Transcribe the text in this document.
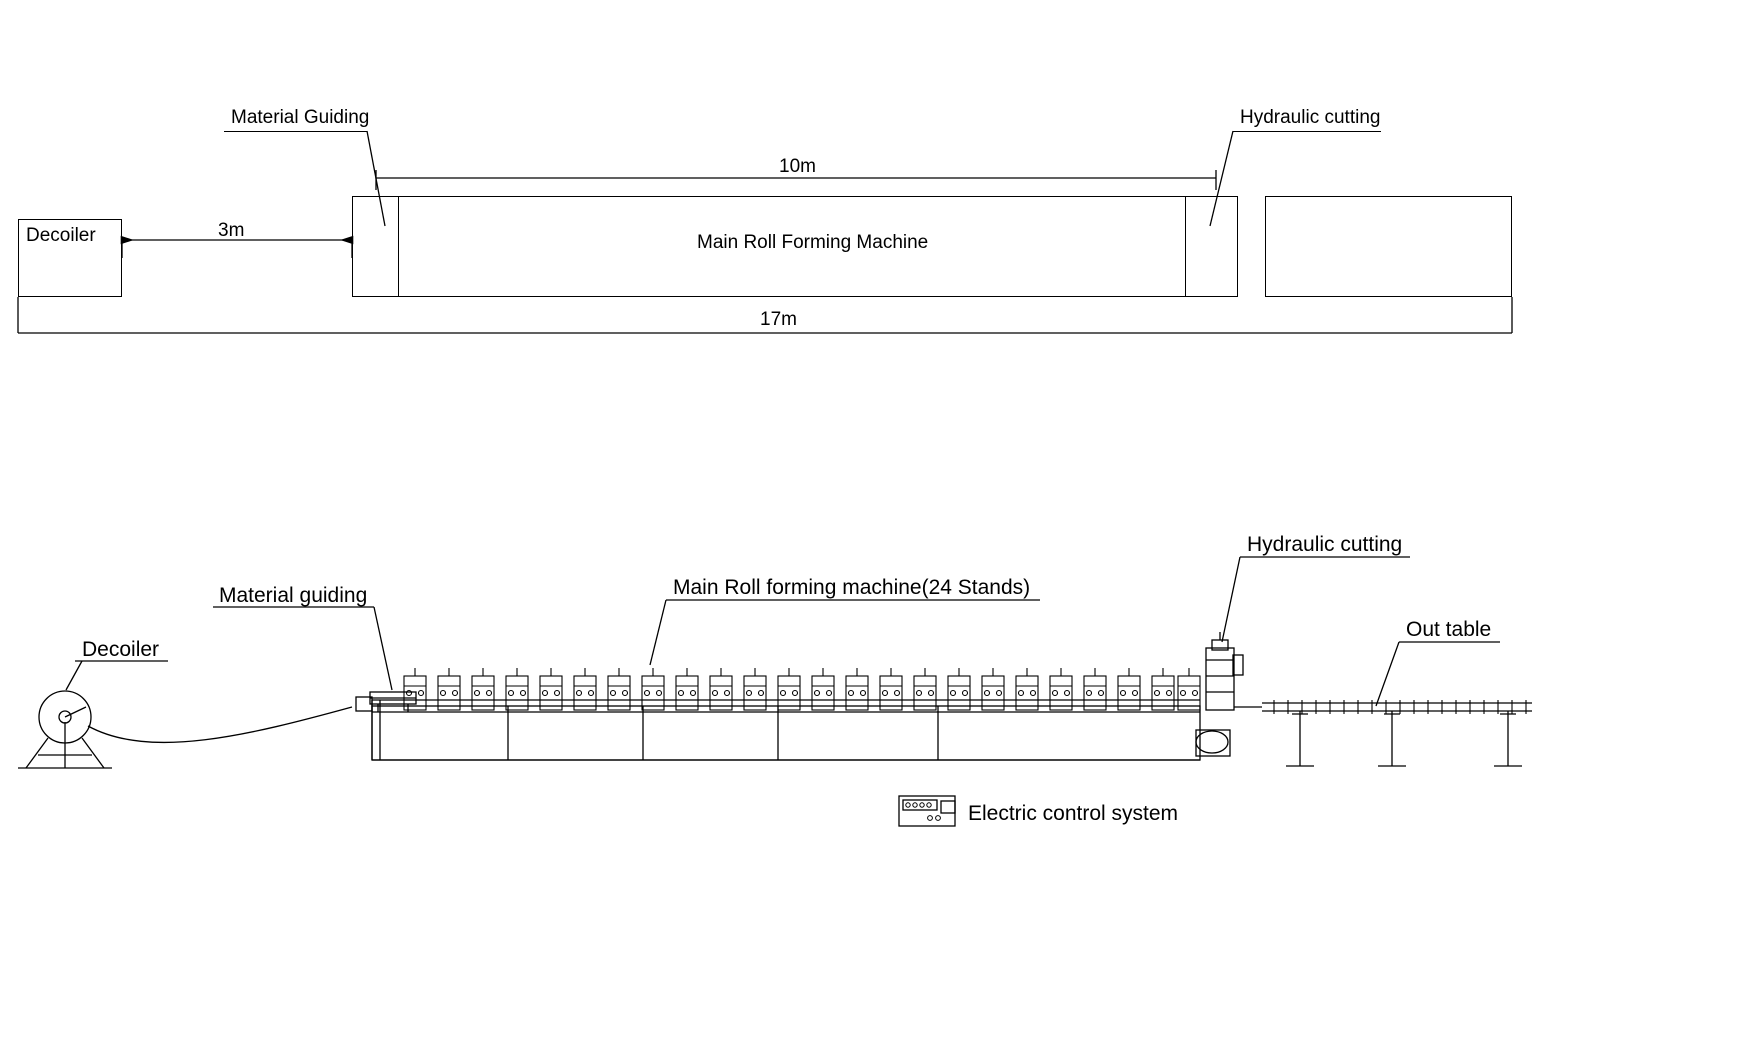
Decoiler	Main Roll Forming Machine
Material Guiding	Hydraulic cutting
3m
10m
17m
Decoiler
Material guiding	Main Roll forming machine(24 Stands)
Hydraulic cutting
Out table
Electric control system
